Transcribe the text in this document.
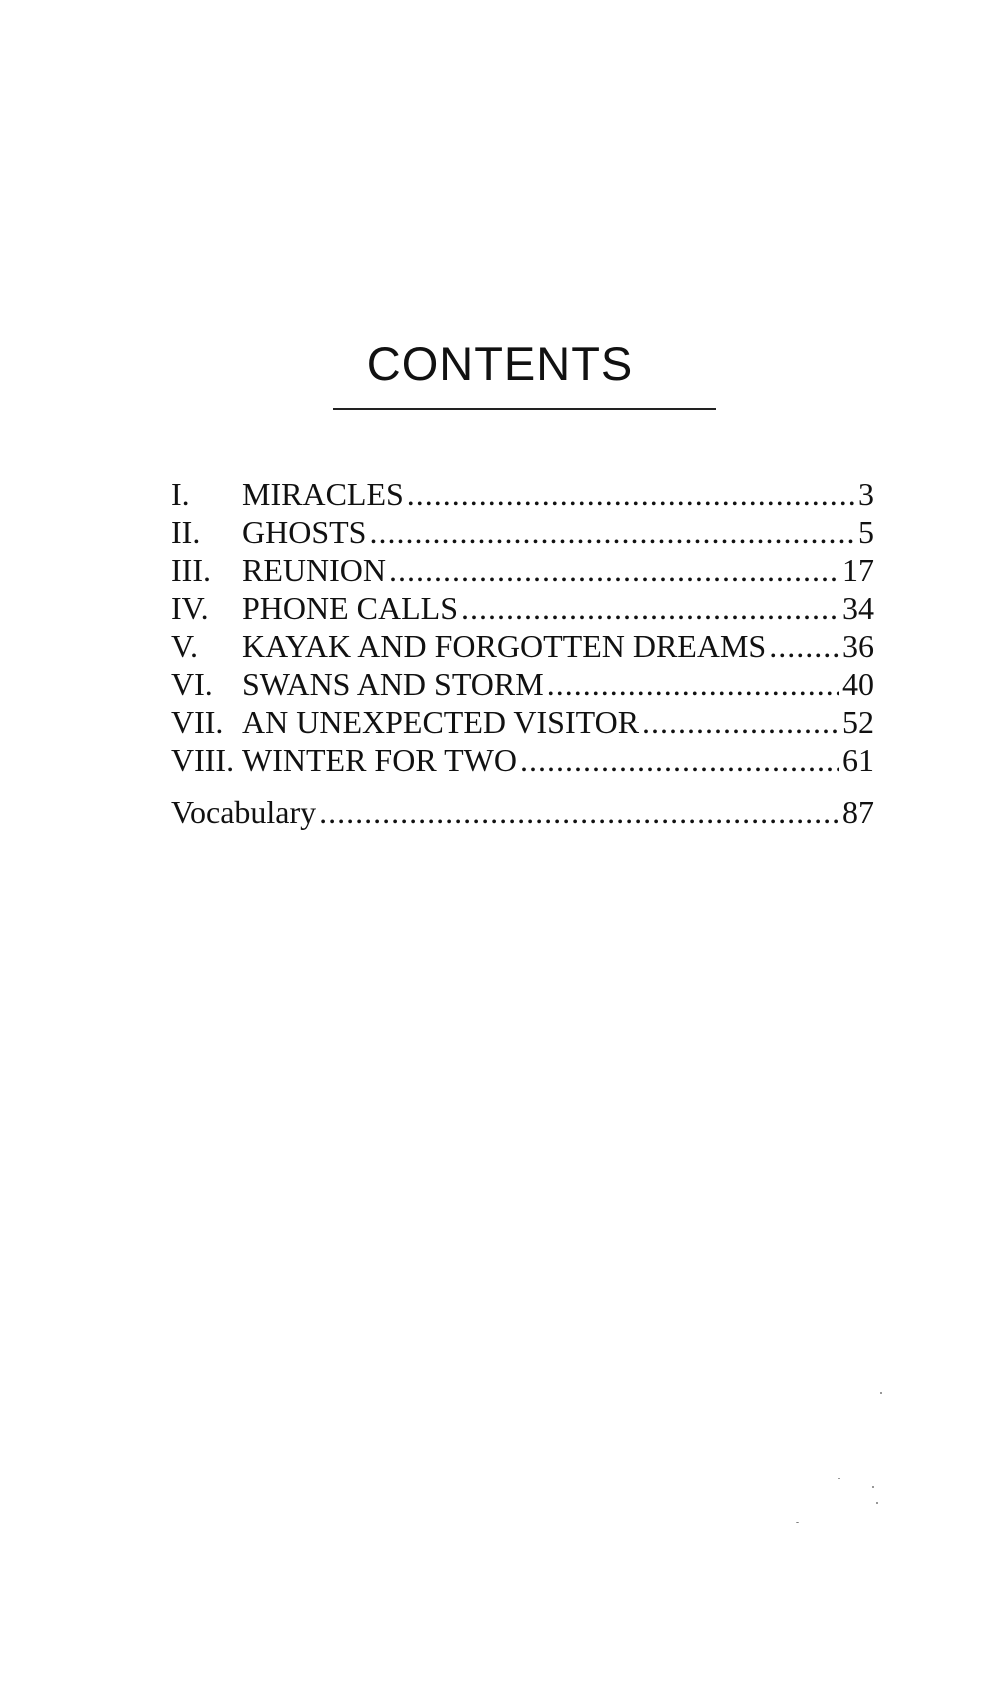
CONTENTS
I.	MIRACLES .....	3
II.	GHOSTS .....	5
III. REUNION .....	17
IV.	PHONE CALLS .....	34
V.	KAYAK AND FORGOTTEN DREAMS ..... 36
VI. SWANS AND STORM .....	40
VII. AN UNEXPECTED VISITOR .....	52
VIII. WINTER FOR TWO .....	61
Vocabulary .....	87
